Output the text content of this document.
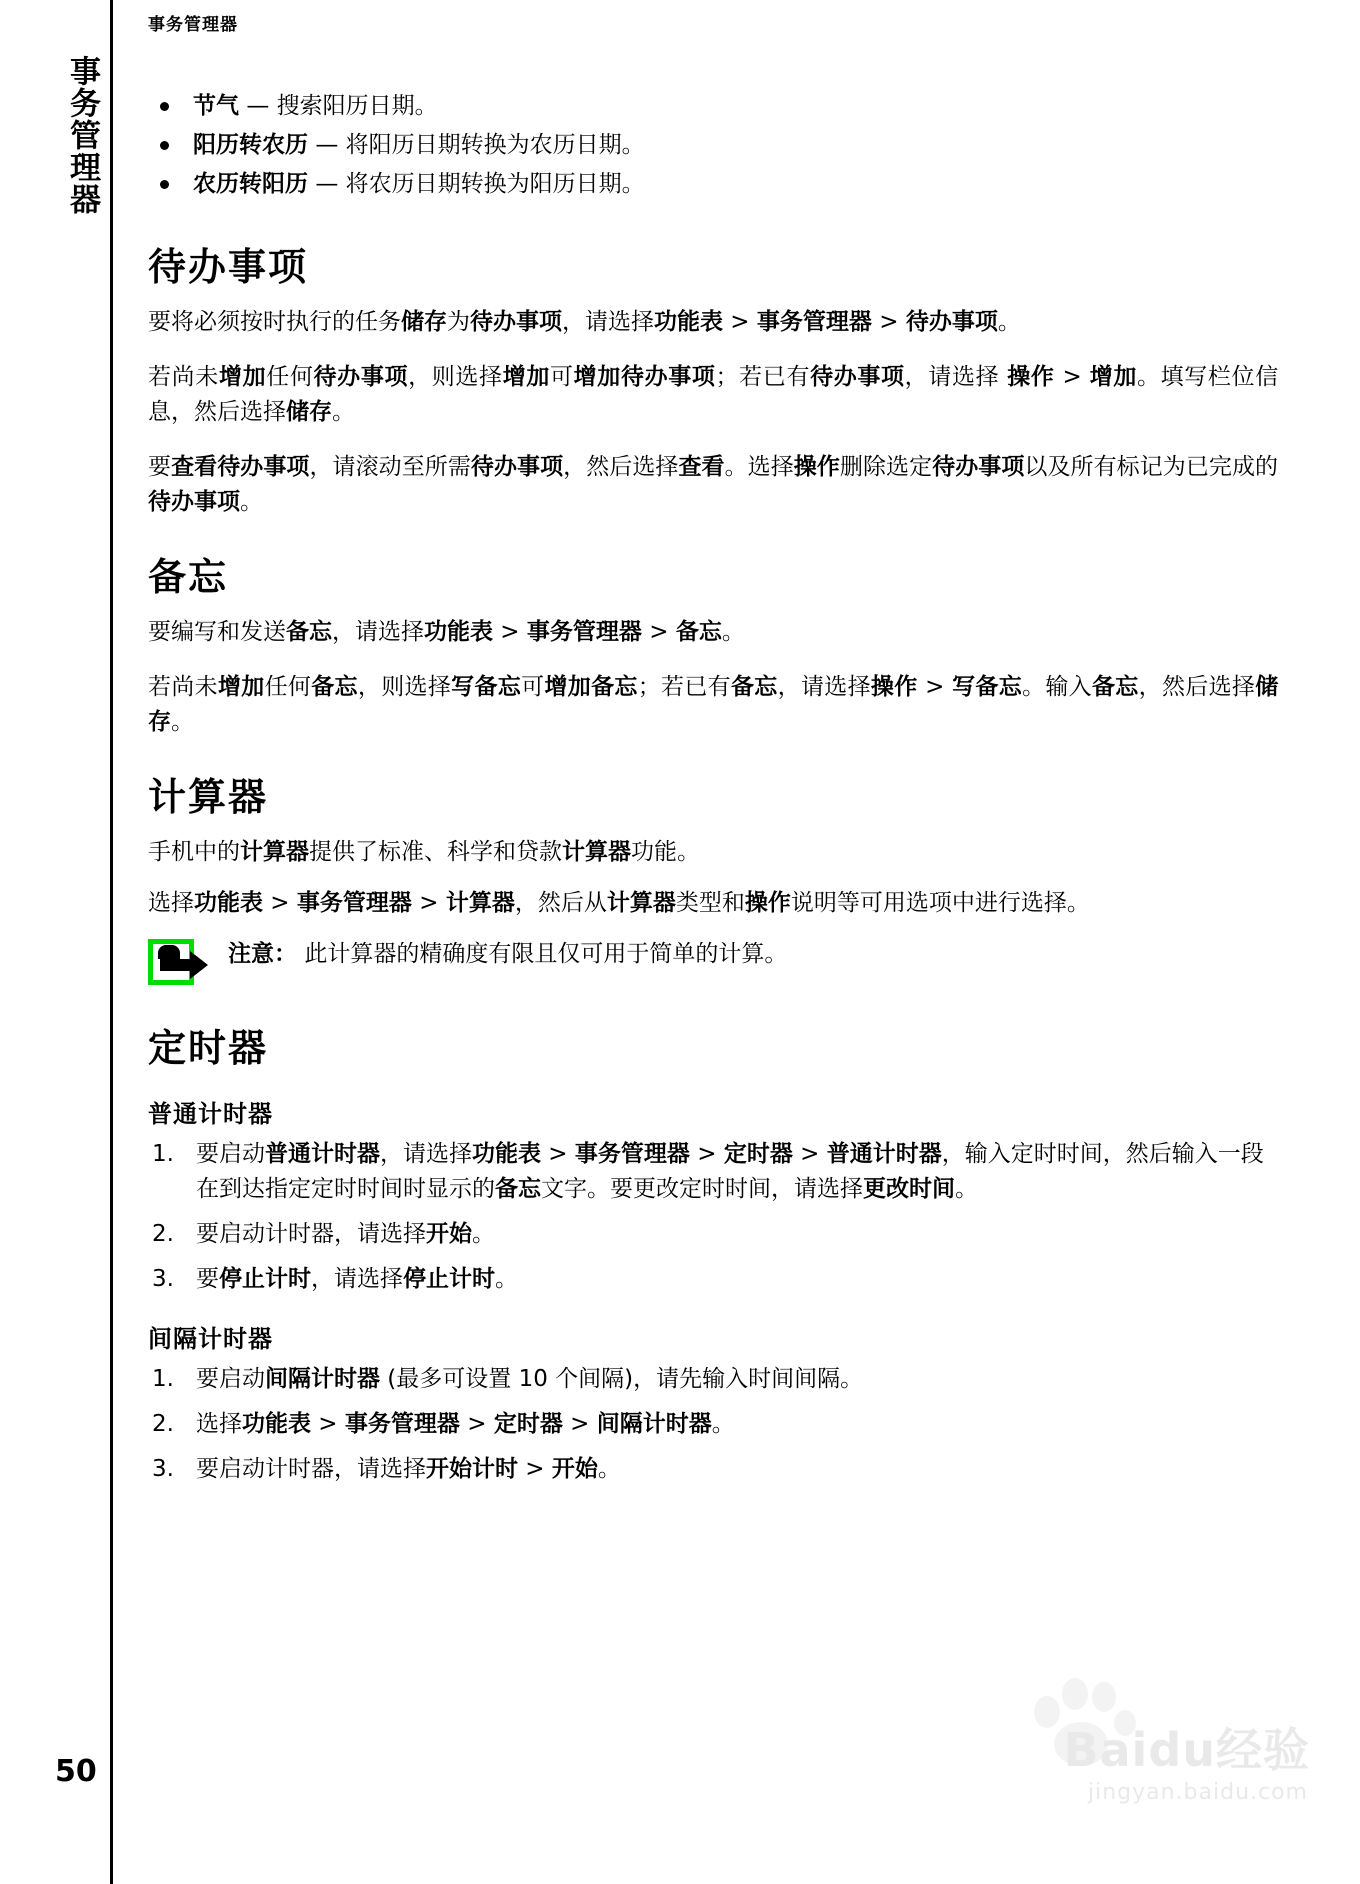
事务管理器
事务管理器
节气 — 搜索阳历日期。
阳历转农历 — 将阳历日期转换为农历日期。
农历转阳历 — 将农历日期转换为阳历日期。
待办事项

要将必须按时执行的任务储存为待办事项，请选择功能表 > 事务管理器 > 待办事项。

若尚未增加任何待办事项，则选择增加可增加待办事项；若已有待办事项，请选择 操作 > 增加。填写栏位信息，然后选择储存。

要查看待办事项，请滚动至所需待办事项，然后选择查看。选择操作删除选定待办事项以及所有标记为已完成的待办事项。

备忘

要编写和发送备忘，请选择功能表 > 事务管理器 > 备忘。

若尚未增加任何备忘，则选择写备忘可增加备忘；若已有备忘，请选择操作 > 写备忘。输入备忘，然后选择储存。

计算器

手机中的计算器提供了标准、科学和贷款计算器功能。

选择功能表 > 事务管理器 > 计算器，然后从计算器类型和操作说明等可用选项中进行选择。

注意： 此计算器的精确度有限且仅可用于简单的计算。
定时器
普通计时器
要启动普通计时器，请选择功能表 > 事务管理器 > 定时器 > 普通计时器，输入定时时间，然后输入一段在到达指定定时时间时显示的备忘文字。要更改定时时间，请选择更改时间。
要启动计时器，请选择开始。
要停止计时，请选择停止计时。
间隔计时器
要启动间隔计时器 (最多可设置 10 个间隔)，请先输入时间间隔。
选择功能表 > 事务管理器 > 定时器 > 间隔计时器。
要启动计时器，请选择开始计时 > 开始。
50	Baidu经验
jingyan.baidu.com
